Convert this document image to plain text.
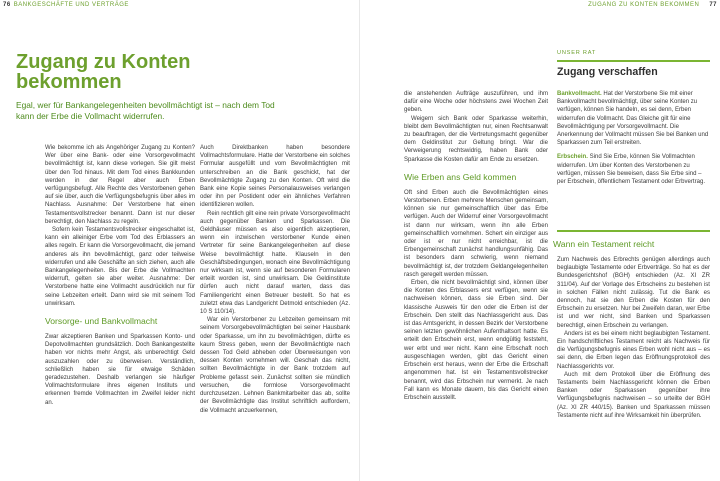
76 BANKGESCHÄFTE UND VERTRÄGE	ZUGANG ZU KONTEN BEKOMMEN 77
Zugang zu Konten bekommen
Egal, wer für Bankangelegenheiten bevollmächtigt ist – nach dem Tod kann der Erbe die Vollmacht widerrufen.

Wie bekomme ich als Angehöriger Zugang zu Konten? Wer über eine Bank- oder eine Vorsorgevollmacht bevollmächtigt ist, kann diese vorlegen. Sie gilt meist über den Tod hinaus. Mit dem Tod eines Bankkunden werden in der Regel aber auch Erben verfügungsbefugt. Alle Rechte des Verstorbenen gehen auf sie über, auch die Verfügungsbefugnis über alles im Nachlass. Ausnahme: Der Verstorbene hat einen Testamentsvollstrecker benannt. Dann ist nur dieser berechtigt, den Nachlass zu regeln.

Sofern kein Testamentsvollstrecker eingeschaltet ist, kann ein alleiniger Erbe vom Tod des Erblassers an alles regeln. Er kann die Vorsorgevollmacht, die jemand anderes als ihn bevollmächtigt, ganz oder teilweise widerrufen und alle Geschäfte an sich ziehen, auch alle Bankangelegenheiten. Bis der Erbe die Vollmachten widerruft, gelten sie aber weiter. Ausnahme: Der Verstorbene hatte eine Vollmacht ausdrücklich nur für seine Lebzeiten erteilt. Dann wird sie mit seinem Tod unwirksam.

Vorsorge- und Bankvollmacht

Zwar akzeptieren Banken und Sparkassen Konto- und Depotvollmachten grundsätzlich. Doch Bankangestellte haben vor nichts mehr Angst, als unberechtigt Geld auszuzahlen oder zu überweisen. Verständlich, schließlich haben sie für etwaige Schäden geradezustehen. Deshalb verlangen sie häufiger Vollmachtsformulare ihres eigenen Instituts und erkennen fremde Vollmachten im Zweifel leider nicht an.

Auch Direktbanken haben besondere Vollmachtsformulare. Hatte der Verstorbene ein solches Formular ausgefüllt und vom Bevollmächtigten mit unterschreiben an die Bank geschickt, hat der Bevollmächtigte Zugang zu den Konten. Oft wird die Bank eine Kopie seines Personalausweises verlangen oder ihn per Postident oder ein ähnliches Verfahren identifizieren wollen.

Rein rechtlich gilt eine rein private Vorsorgevollmacht auch gegenüber Banken und Sparkassen. Die Geldhäuser müssen es also eigentlich akzeptieren, wenn ein inzwischen verstorbener Kunde einen Vertreter für seine Bankangelegenheiten auf diese Weise bevollmächtigt hatte. Klauseln in den Geschäftsbedingungen, wonach eine Bevollmächtigung nur wirksam ist, wenn sie auf besonderen Formularen erteilt worden ist, sind unwirksam. Die Geldinstitute dürfen auch nicht darauf warten, dass das Familiengericht einen Betreuer bestellt. So hat es zuletzt etwa das Landgericht Detmold entschieden (Az. 10 S 110/14).

War ein Verstorbener zu Lebzeiten gemeinsam mit seinem Vorsorgebevollmächtigten bei seiner Hausbank oder Sparkasse, um ihn zu bevollmächtigen, dürfte es kaum Stress geben, wenn der Bevollmächtigte nach dessen Tod Geld abheben oder Überweisungen von dessen Konten vornehmen will. Geschah das nicht, sollten Bevollmächtigte in der Bank trotzdem auf Probleme gefasst sein. Zunächst sollten sie mündlich versuchen, die formlose Vorsorgevollmacht durchzusetzen. Lehnen Bankmitarbeiter das ab, sollte der Bevollmächtigte das Institut schriftlich auffordern, die Vollmacht anzuerkennen,

die anstehenden Aufträge auszuführen, und ihm dafür eine Woche oder höchstens zwei Wochen Zeit geben.

Weigern sich Bank oder Sparkasse weiterhin, bleibt dem Bevollmächtigten nur, einen Rechtsanwalt zu beauftragen, der die Vertretungsmacht gegenüber dem Geldinstitut zur Geltung bringt. War die Verweigerung rechtswidrig, haben Bank oder Sparkasse die Kosten dafür am Ende zu ersetzen.

Wie Erben ans Geld kommen

Oft sind Erben auch die Bevollmächtigten eines Verstorbenen. Erben mehrere Menschen gemeinsam, können sie nur gemeinschaftlich über das Erbe verfügen. Auch der Widerruf einer Vorsorgevollmacht ist dann nur wirksam, wenn ihn alle Erben gemeinschaftlich vornehmen. Schert ein einziger aus oder ist er nur nicht erreichbar, ist die Erbengemeinschaft zunächst handlungsunfähig. Das ist besonders dann schwierig, wenn niemand bevollmächtigt ist, der trotzdem Geldangelegenheiten rasch geregelt werden müssen.

Erben, die nicht bevollmächtigt sind, können über die Konten des Erblassers erst verfügen, wenn sie nachweisen können, dass sie Erben sind. Der klassische Ausweis für den oder die Erben ist der Erbschein. Den stellt das Nachlassgericht aus. Das ist das Amtsgericht, in dessen Bezirk der Verstorbene seinen letzten gewöhnlichen Aufenthaltsort hatte. Es erteilt den Erbschein erst, wenn endgültig feststeht, wer erbt und wer nicht. Kann eine Erbschaft noch ausgeschlagen werden, gibt das Gericht einen Erbschein erst heraus, wenn der Erbe die Erbschaft angenommen hat. Ist ein Testamentsvollstrecker benannt, wird das Erbschein nur vermerkt. Je nach Fall kann es Monate dauern, bis das Gericht einen Erbschein ausstellt.

UNSER RAT
Zugang verschaffen

Bankvollmacht. Hat der Verstorbene Sie mit einer Bankvollmacht bevollmächtigt, über seine Konten zu verfügen, können Sie handeln, es sei denn, Erben widerrufen die Vollmacht. Das Gleiche gilt für eine Bevollmächtigung per Vorsorgevollmacht. Die Anerkennung der Vollmacht müssen Sie bei Banken und Sparkassen zum Teil erstreiten.

Erbschein. Sind Sie Erbe, können Sie Vollmachten widerrufen. Um über Konten des Verstorbenen zu verfügen, müssen Sie beweisen, dass Sie Erbe sind – per Erbschein, öffentlichem Testament oder Erbvertrag.

Wann ein Testament reicht

Zum Nachweis des Erbrechts genügen allerdings auch beglaubigte Testamente oder Erbverträge. So hat es der Bundesgerichtshof (BGH) entschieden (Az. XI ZR 311/04). Auf der Vorlage des Erbscheins zu bestehen ist in solchen Fällen nicht zulässig. Tut die Bank es dennoch, hat sie den Erben die Kosten für den Erbschein zu ersetzen. Nur bei Zweifeln daran, wer Erbe ist und wer nicht, sind Banken und Sparkassen berechtigt, einen Erbschein zu verlangen.

Anders ist es bei einem nicht beglaubigten Testament. Ein handschriftliches Testament reicht als Nachweis für die Verfügungsbefugnis eines Erben wohl nicht aus – es sei denn, die Erben legen das Eröffnungsprotokoll des Nachlassgerichts vor.

Auch mit dem Protokoll über die Eröffnung des Testaments beim Nachlassgericht können die Erben Banken oder Sparkassen gegenüber ihre Verfügungsbefugnis nachweisen – so urteilte der BGH (Az. XI ZR 440/15). Banken und Sparkassen müssen Testamente nicht auf ihre Wirksamkeit hin überprüfen.
